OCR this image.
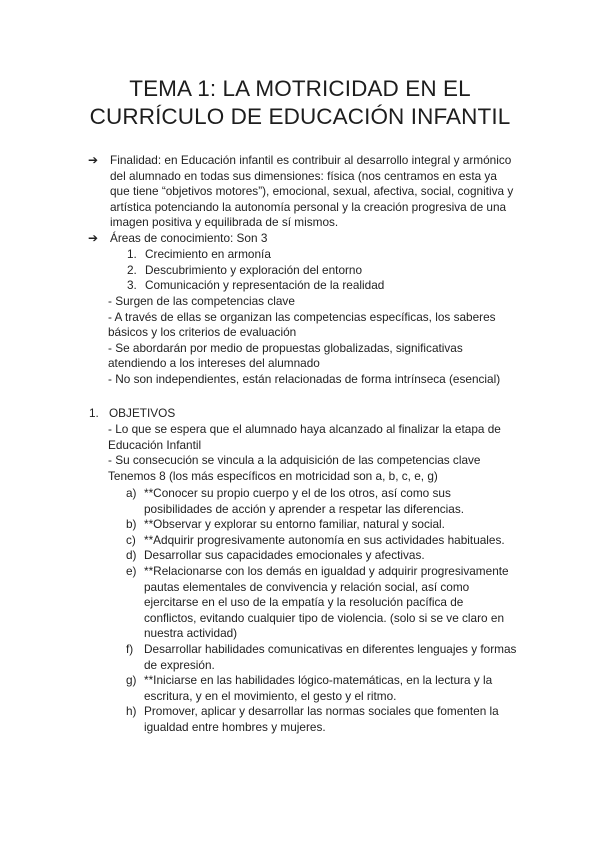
TEMA 1: LA MOTRICIDAD EN EL
CURRÍCULO DE EDUCACIÓN INFANTIL
➔ Finalidad: en Educación infantil es contribuir al desarrollo integral y armónico

del alumnado en todas sus dimensiones: física (nos centramos en esta ya

que tiene “objetivos motores”), emocional, sexual, afectiva, social, cognitiva y

artística potenciando la autonomía personal y la creación progresiva de una

imagen positiva y equilibrada de sí mismos.

➔ Áreas de conocimiento: Son 3

1. Crecimiento en armonía

2. Descubrimiento y exploración del entorno

3. Comunicación y representación de la realidad

- Surgen de las competencias clave

- A través de ellas se organizan las competencias específicas, los saberes

básicos y los criterios de evaluación

- Se abordarán por medio de propuestas globalizadas, significativas

atendiendo a los intereses del alumnado

- No son independientes, están relacionadas de forma intrínseca (esencial)

1. OBJETIVOS

- Lo que se espera que el alumnado haya alcanzado al finalizar la etapa de

Educación Infantil

- Su consecución se vincula a la adquisición de las competencias clave

Tenemos 8 (los más específicos en motricidad son a, b, c, e, g)

a) **Conocer su propio cuerpo y el de los otros, así como sus

posibilidades de acción y aprender a respetar las diferencias.

b) **Observar y explorar su entorno familiar, natural y social.

c) **Adquirir progresivamente autonomía en sus actividades habituales.

d) Desarrollar sus capacidades emocionales y afectivas.

e) **Relacionarse con los demás en igualdad y adquirir progresivamente

pautas elementales de convivencia y relación social, así como

ejercitarse en el uso de la empatía y la resolución pacífica de

conflictos, evitando cualquier tipo de violencia. (solo si se ve claro en

nuestra actividad)

f) Desarrollar habilidades comunicativas en diferentes lenguajes y formas

de expresión.

g) **Iniciarse en las habilidades lógico-matemáticas, en la lectura y la

escritura, y en el movimiento, el gesto y el ritmo.

h) Promover, aplicar y desarrollar las normas sociales que fomenten la

igualdad entre hombres y mujeres.
